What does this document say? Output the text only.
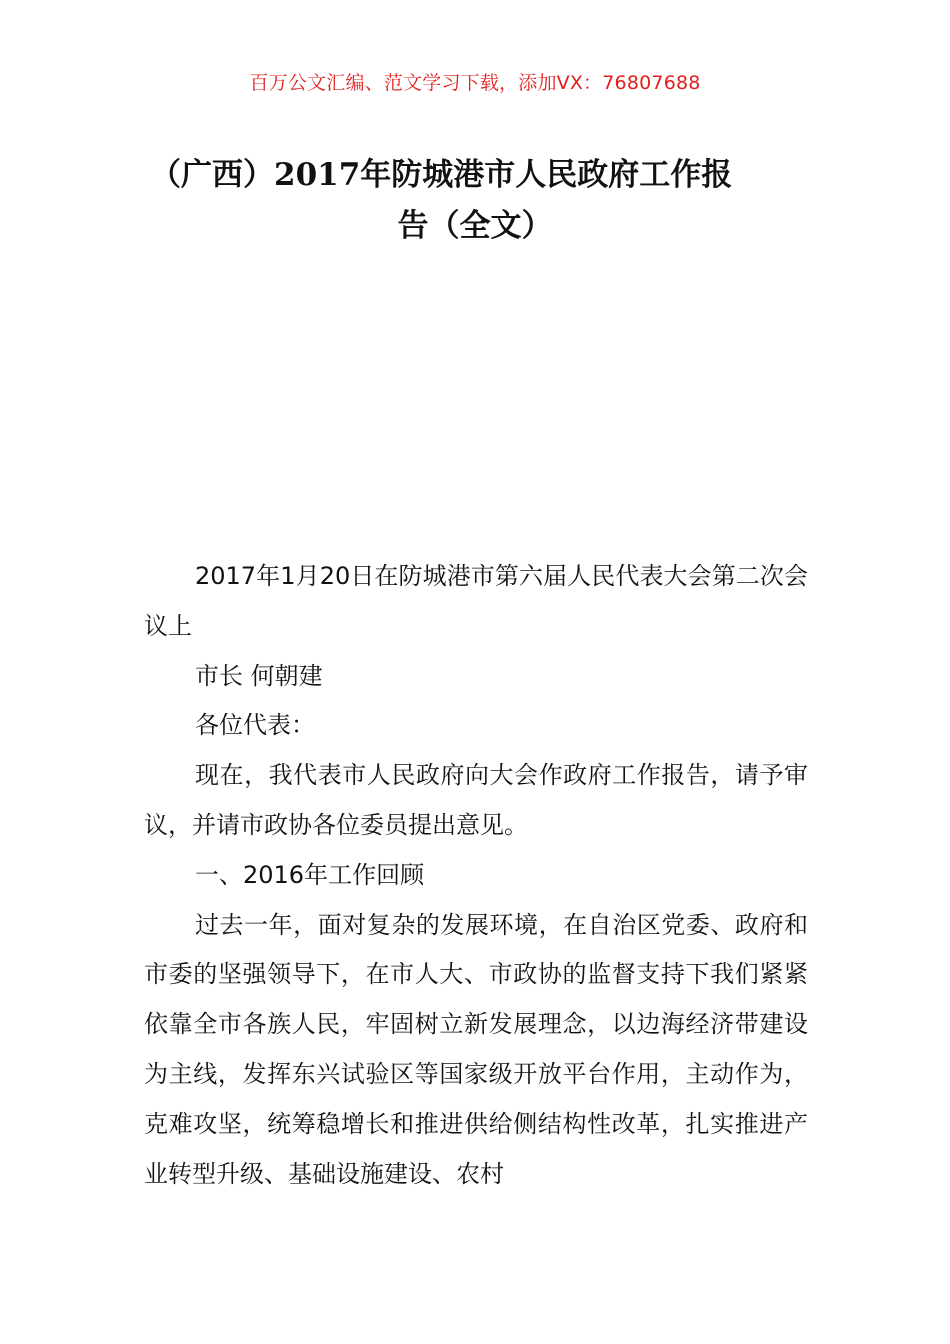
百万公文汇编、范文学习下载，添加VX：76807688
（广西）2017年防城港市人民政府工作报
告（全文）

2017年1月20日在防城港市第六届人民代表大会第二次会议上

市长 何朝建

各位代表：

现在，我代表市人民政府向大会作政府工作报告，请予审议，并请市政协各位委员提出意见。

一、2016年工作回顾

过去一年，面对复杂的发展环境，在自治区党委、政府和市委的坚强领导下，在市人大、市政协的监督支持下我们紧紧依靠全市各族人民，牢固树立新发展理念，以边海经济带建设为主线，发挥东兴试验区等国家级开放平台作用，主动作为，克难攻坚，统筹稳增长和推进供给侧结构性改革，扎实推进产业转型升级、基础设施建设、农村
